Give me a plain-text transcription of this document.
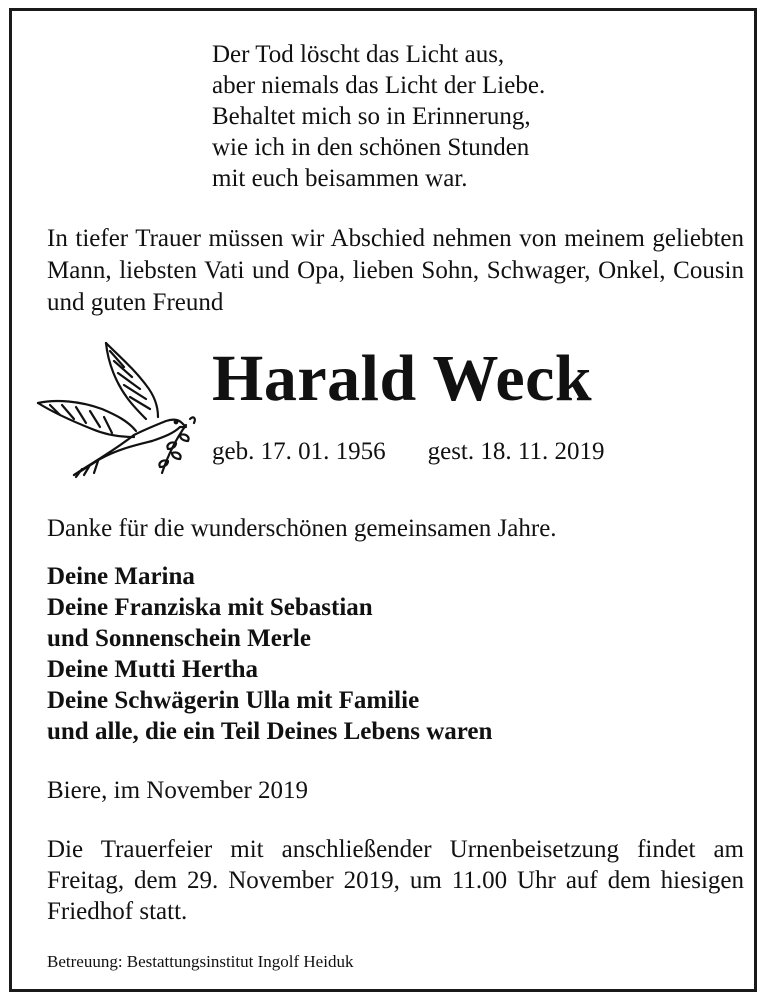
Der Tod löscht das Licht aus,
aber niemals das Licht der Liebe.
Behaltet mich so in Erinnerung,
wie ich in den schönen Stunden
mit euch beisammen war.
In tiefer Trauer müssen wir Abschied nehmen von meinem geliebten Mann, liebsten Vati und Opa, lieben Sohn, Schwager, Onkel, Cousin und guten Freund
Harald Weck
geb. 17. 01. 1956 gest. 18. 11. 2019
Danke für die wunderschönen gemeinsamen Jahre.
Deine Marina
Deine Franziska mit Sebastian
und Sonnenschein Merle
Deine Mutti Hertha
Deine Schwägerin Ulla mit Familie
und alle, die ein Teil Deines Lebens waren
Biere, im November 2019
Die Trauerfeier mit anschließender Urnenbeisetzung findet am Freitag, dem 29. November 2019, um 11.00 Uhr auf dem hiesigen Friedhof statt.
Betreuung: Bestattungsinstitut Ingolf Heiduk
